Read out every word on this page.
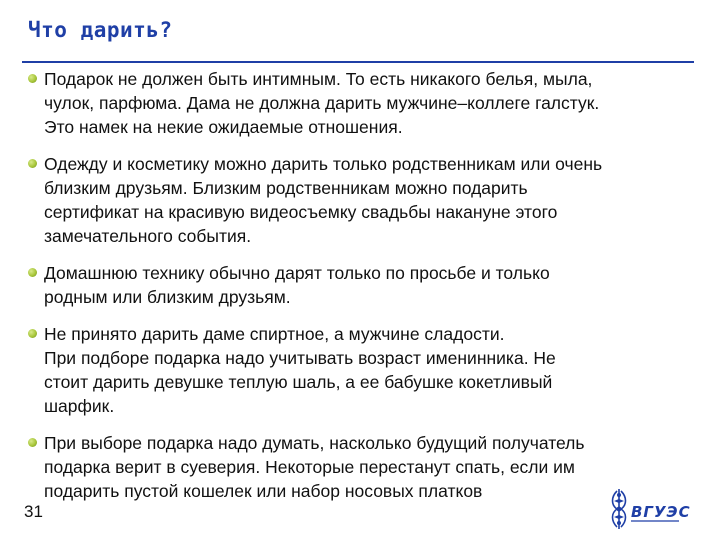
Что дарить?
Подарок не должен быть интимным. То есть никакого белья, мыла,
чулок, парфюма. Дама не должна дарить мужчине–коллеге галстук.
Это намек на некие ожидаемые отношения.
Одежду и косметику можно дарить только родственникам или очень
близким друзьям. Близким родственникам можно подарить
сертификат на красивую видеосъемку свадьбы накануне этого
замечательного события.
Домашнюю технику обычно дарят только по просьбе и только
родным или близким друзьям.
Не принято дарить даме спиртное, а мужчине сладости.
При подборе подарка надо учитывать возраст именинника. Не
стоит дарить девушке теплую шаль, а ее бабушке кокетливый
шарфик.
При выборе подарка надо думать, насколько будущий получатель
подарка верит в суеверия. Некоторые перестанут спать, если им
подарить пустой кошелек или набор носовых платков
31	ВГУЭС
